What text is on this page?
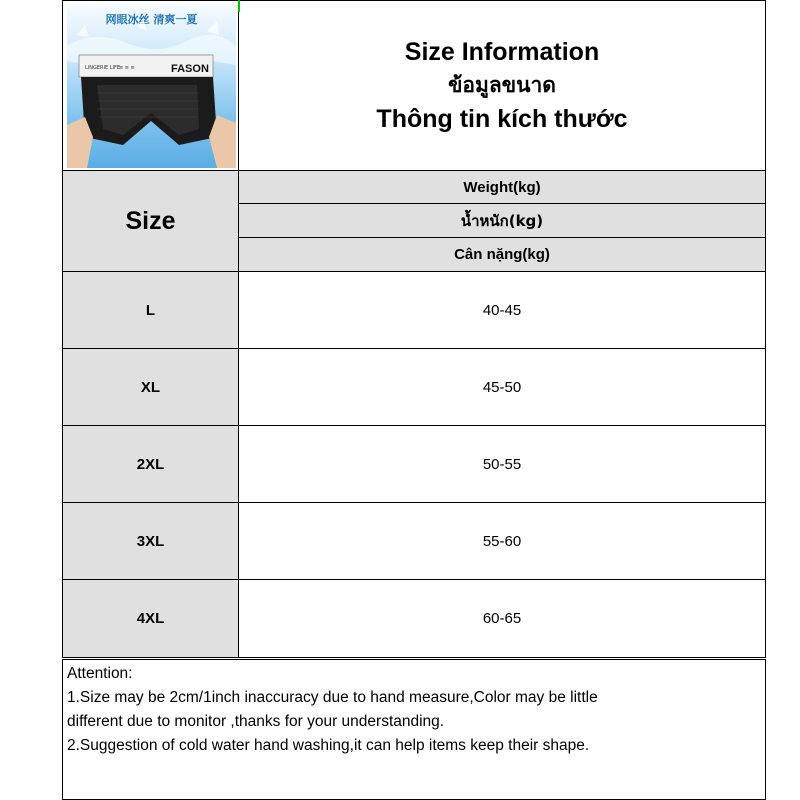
网眼冰丝 清爽一夏
LINGERIE LIFE	FASON
≡ ≡ ≡
Size Information
ข้อมูลขนาด
Thông tin kích thước
Size
Weight(kg)
น้ำหนัก(kg)
Cân nặng(kg)
L	40-45
XL	45-50
2XL	50-55
3XL	55-60
4XL	60-65
Attention:
1.Size may be 2cm/1inch inaccuracy due to hand measure,Color may be little
different due to monitor ,thanks for your understanding.
2.Suggestion of cold water hand washing,it can help items keep their shape.
